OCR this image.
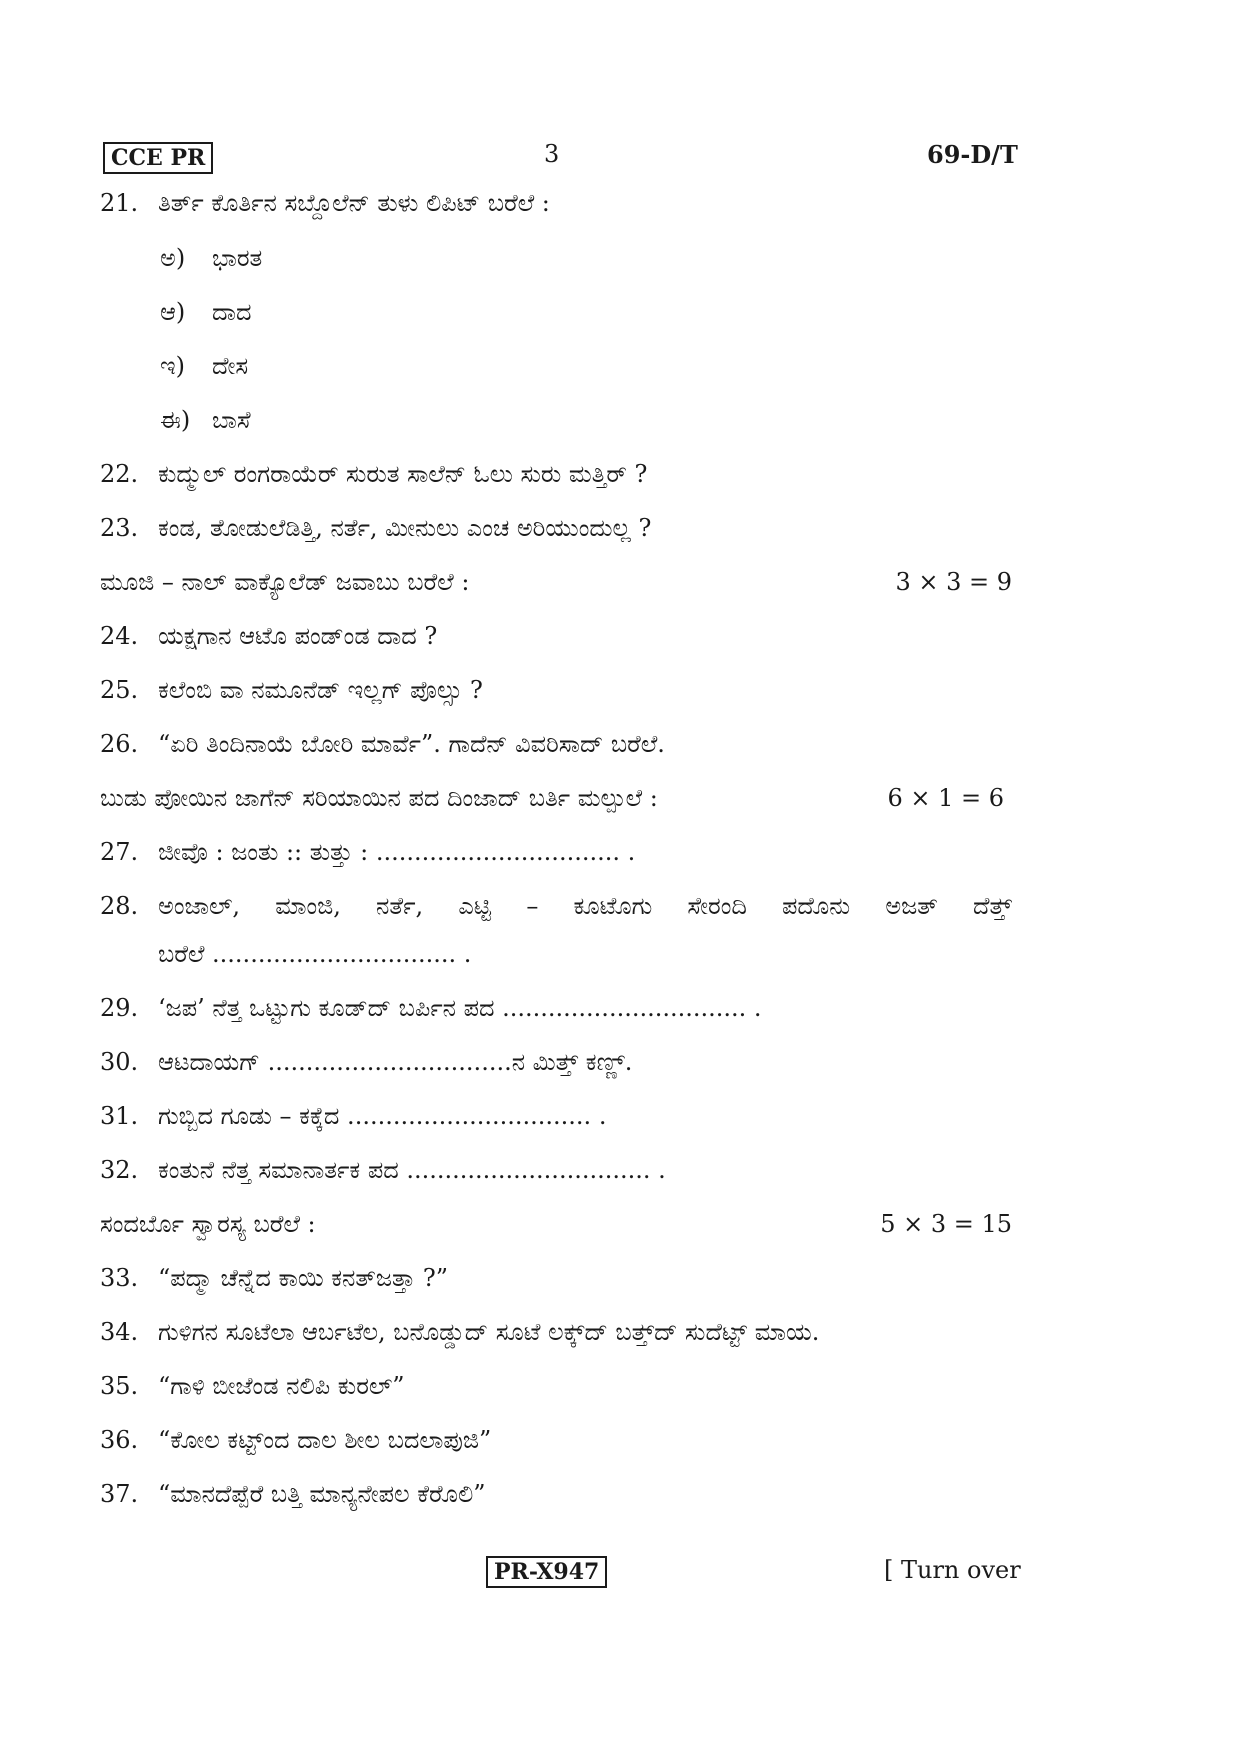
CCE PR	3	69-D/T
21. ತಿರ್ತ್ ಕೊರ್ತಿನ ಸಬ್ದೊಲೆನ್ ತುಳು ಲಿಪಿಟ್ ಬರೆಲೆ :
ಅ) ಭಾರತ
ಆ) ದಾದ
ಇ) ದೇಸ
ಈ) ಬಾಸೆ
22. ಕುದ್ಮುಲ್ ರಂಗರಾಯೆರ್ ಸುರುತ ಸಾಲೆನ್ ಓಲು ಸುರು ಮತ್ತಿರ್ ?
23. ಕಂಡ, ತೋಡುಲೆಡಿತ್ತಿ, ನರ್ತೆ, ಮೀನುಲು ಎಂಚ ಅರಿಯುಂದುಲ್ಲ ?
ಮೂಜಿ – ನಾಲ್ ವಾಕ್ಯೊಲೆಡ್ ಜವಾಬು ಬರೆಲೆ :	3 × 3 = 9
24. ಯಕ್ಷಗಾನ ಆಟೊ ಪಂಡ್‌ಂಡ ದಾದ ?
25. ಕಲೆಂಬಿ ವಾ ನಮೂನೆಡ್ ಇಲ್ಲಗ್ ಪೊಲ್ಸು ?
26. “ಏರಿ ತಿಂದಿನಾಯೆ ಬೋರಿ ಮಾರ್ವೆ”. ಗಾದೆನ್ ವಿವರಿಸಾದ್ ಬರೆಲೆ.
ಬುಡು ಪೋಯಿನ ಜಾಗೆನ್ ಸರಿಯಾಯಿನ ಪದ ದಿಂಜಾದ್ ಬರ್ತಿ ಮಲ್ಪುಲೆ :	6 × 1 = 6
27. ಜೀವೊ : ಜಂತು :: ತುತ್ತು : ................................ .
28. ಅಂಜಾಲ್, ಮಾಂಜಿ, ನರ್ತೆ, ಎಟ್ಟಿ – ಕೂಟೊಗು ಸೇರಂದಿ ಪದೊನು ಅಜತ್ ದೆತ್ತ್
ಬರೆಲೆ ................................ .
29. ‘ಜಪ’ ನೆತ್ತ ಒಟ್ಟುಗು ಕೂಡ್‌ದ್ ಬರ್ಪಿನ ಪದ ................................ .
30. ಆಟದಾಯಗ್ ................................ನ ಮಿತ್ತ್ ಕಣ್ಣ್.
31. ಗುಬ್ಬಿದ ಗೂಡು – ಕಕ್ಕೆದ ................................ .
32. ಕಂತುನೆ ನೆತ್ತ ಸಮಾನಾರ್ತಕ ಪದ ................................ .
ಸಂದರ್ಬೊ ಸ್ವಾರಸ್ಯ ಬರೆಲೆ :	5 × 3 = 15
33. “ಪದ್ಮಾ ಚೆನ್ನೆದ ಕಾಯಿ ಕನತ್‌ಜತ್ತಾ ?”
34. ಗುಳಿಗನ ಸೂಟೆಲಾ ಆರ್ಬಟೆಲ, ಬನೊಡ್ಡುದ್ ಸೂಟೆ ಲಕ್ಕ್‌ದ್ ಬತ್ತ್‌ದ್ ಸುದೆಟ್ಟ್ ಮಾಯ.
35. “ಗಾಳಿ ಬೀಜೆಂಡ ನಲಿಪಿ ಕುರಲ್”
36. “ಕೋಲ ಕಟ್ಟ್‌ಂದ ದಾಲ ಶೀಲ ಬದಲಾಪುಜಿ”
37. “ಮಾನದೆಪ್ಪೆರೆ ಬತ್ತಿ ಮಾನ್ಯನೇಪಲ ಕೆರೊಲಿ”
PR-X947	[ Turn over
